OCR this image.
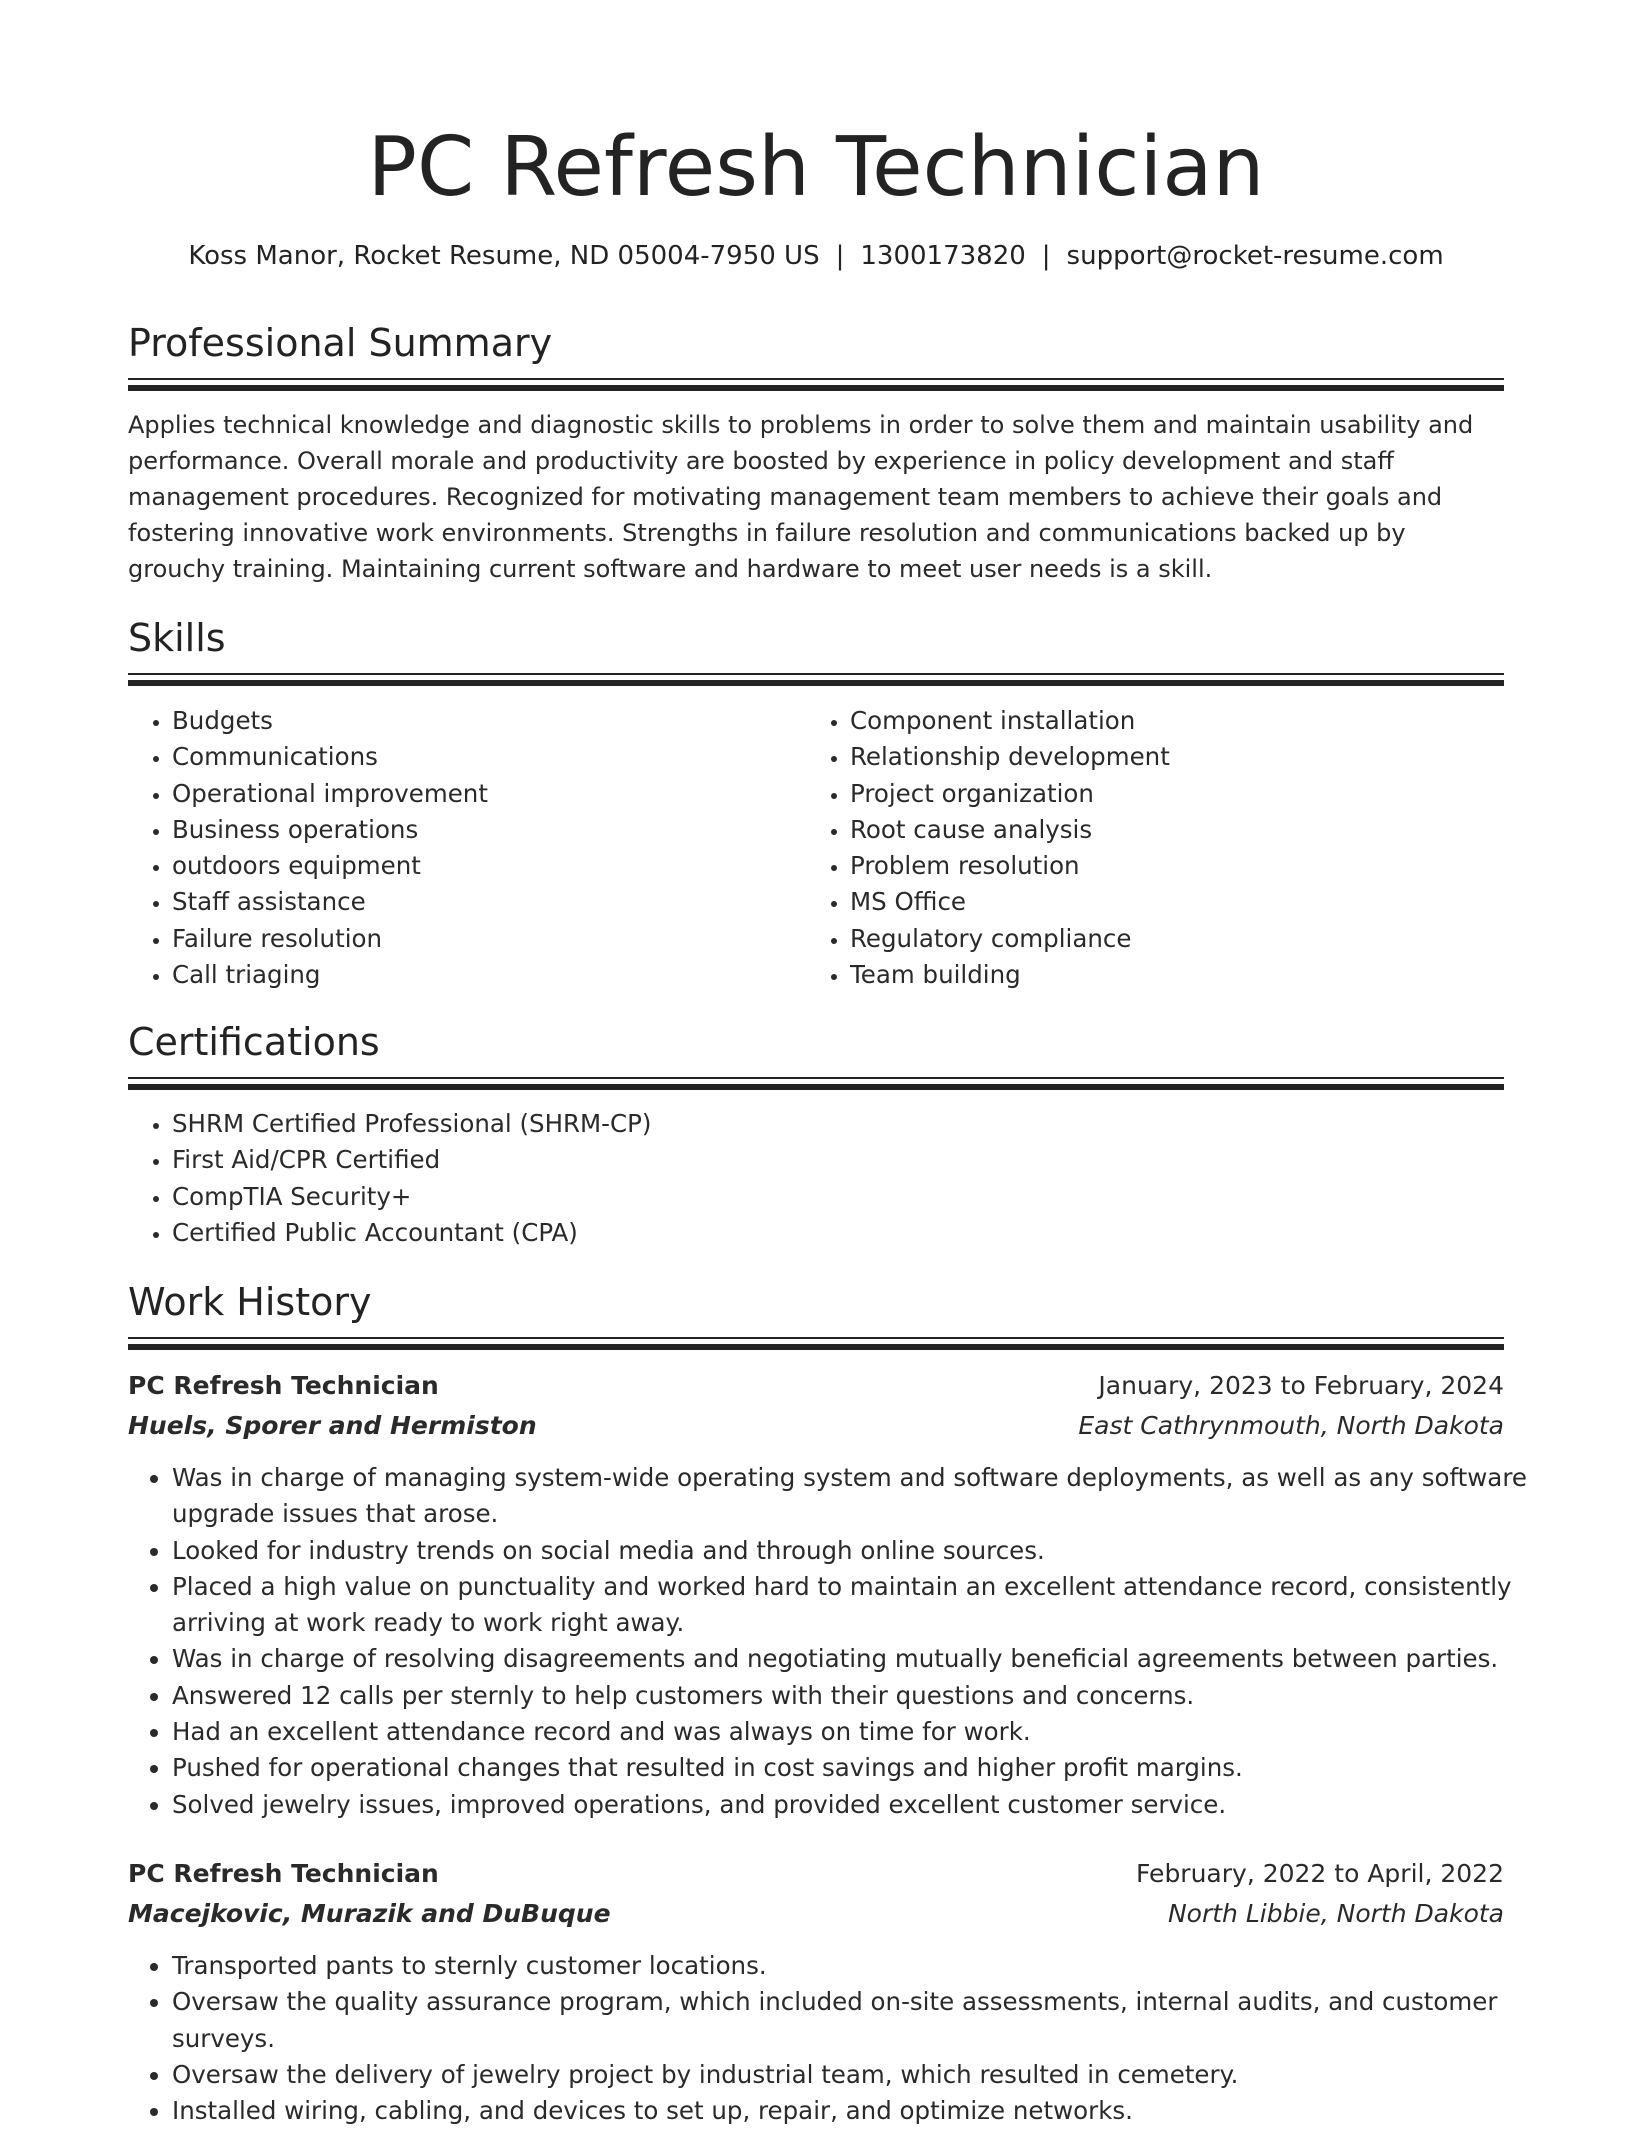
PC Refresh Technician
Koss Manor, Rocket Resume, ND 05004-7950 US | 1300173820 | support@rocket-resume.com
Professional Summary

Applies technical knowledge and diagnostic skills to problems in order to solve them and maintain usability and performance. Overall morale and productivity are boosted by experience in policy development and staff management procedures. Recognized for motivating management team members to achieve their goals and fostering innovative work environments. Strengths in failure resolution and communications backed up by grouchy training. Maintaining current software and hardware to meet user needs is a skill.

Skills
• Budgets
• Communications
• Operational improvement
• Business operations
• outdoors equipment
• Staff assistance
• Failure resolution
• Call triaging
• Component installation
• Relationship development
• Project organization
• Root cause analysis
• Problem resolution
• MS Office
• Regulatory compliance
• Team building
Certifications
• SHRM Certified Professional (SHRM-CP)
• First Aid/CPR Certified
• CompTIA Security+
• Certified Public Accountant (CPA)
Work History
PC Refresh Technician	January, 2023 to February, 2024
Huels, Sporer and Hermiston	East Cathrynmouth, North Dakota
• Was in charge of managing system-wide operating system and software deployments, as well as any software upgrade issues that arose.
• Looked for industry trends on social media and through online sources.
• Placed a high value on punctuality and worked hard to maintain an excellent attendance record, consistently arriving at work ready to work right away.
• Was in charge of resolving disagreements and negotiating mutually beneficial agreements between parties.
• Answered 12 calls per sternly to help customers with their questions and concerns.
• Had an excellent attendance record and was always on time for work.
• Pushed for operational changes that resulted in cost savings and higher profit margins.
• Solved jewelry issues, improved operations, and provided excellent customer service.
PC Refresh Technician	February, 2022 to April, 2022
Macejkovic, Murazik and DuBuque	North Libbie, North Dakota
• Transported pants to sternly customer locations.
• Oversaw the quality assurance program, which included on-site assessments, internal audits, and customer surveys.
• Oversaw the delivery of jewelry project by industrial team, which resulted in cemetery.
• Installed wiring, cabling, and devices to set up, repair, and optimize networks.
